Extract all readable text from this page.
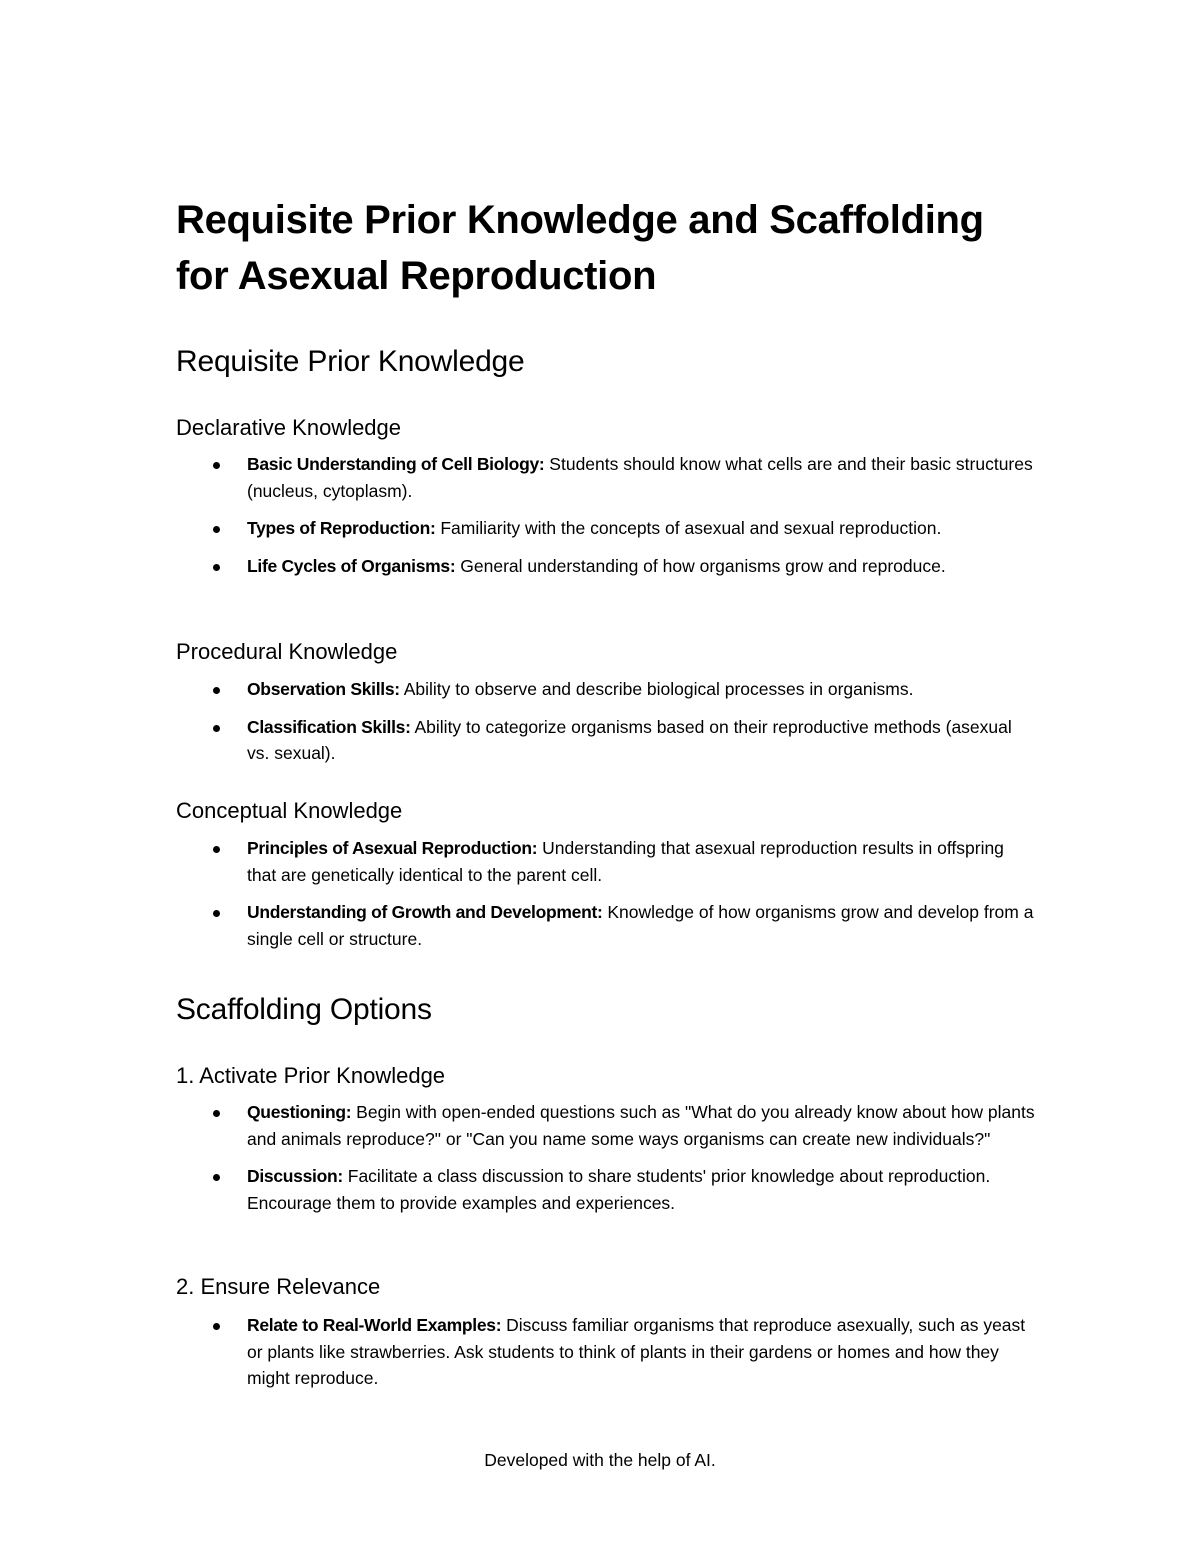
Requisite Prior Knowledge and Scaffolding for Asexual Reproduction
Requisite Prior Knowledge
Declarative Knowledge
Basic Understanding of Cell Biology: Students should know what cells are and their basic structures (nucleus, cytoplasm).
Types of Reproduction: Familiarity with the concepts of asexual and sexual reproduction.
Life Cycles of Organisms: General understanding of how organisms grow and reproduce.
Procedural Knowledge
Observation Skills: Ability to observe and describe biological processes in organisms.
Classification Skills: Ability to categorize organisms based on their reproductive methods (asexual vs. sexual).
Conceptual Knowledge
Principles of Asexual Reproduction: Understanding that asexual reproduction results in offspring that are genetically identical to the parent cell.
Understanding of Growth and Development: Knowledge of how organisms grow and develop from a single cell or structure.
Scaffolding Options
1. Activate Prior Knowledge
Questioning: Begin with open-ended questions such as "What do you already know about how plants and animals reproduce?" or "Can you name some ways organisms can create new individuals?"
Discussion: Facilitate a class discussion to share students' prior knowledge about reproduction. Encourage them to provide examples and experiences.
2. Ensure Relevance
Relate to Real-World Examples: Discuss familiar organisms that reproduce asexually, such as yeast or plants like strawberries. Ask students to think of plants in their gardens or homes and how they might reproduce.
Developed with the help of AI.
